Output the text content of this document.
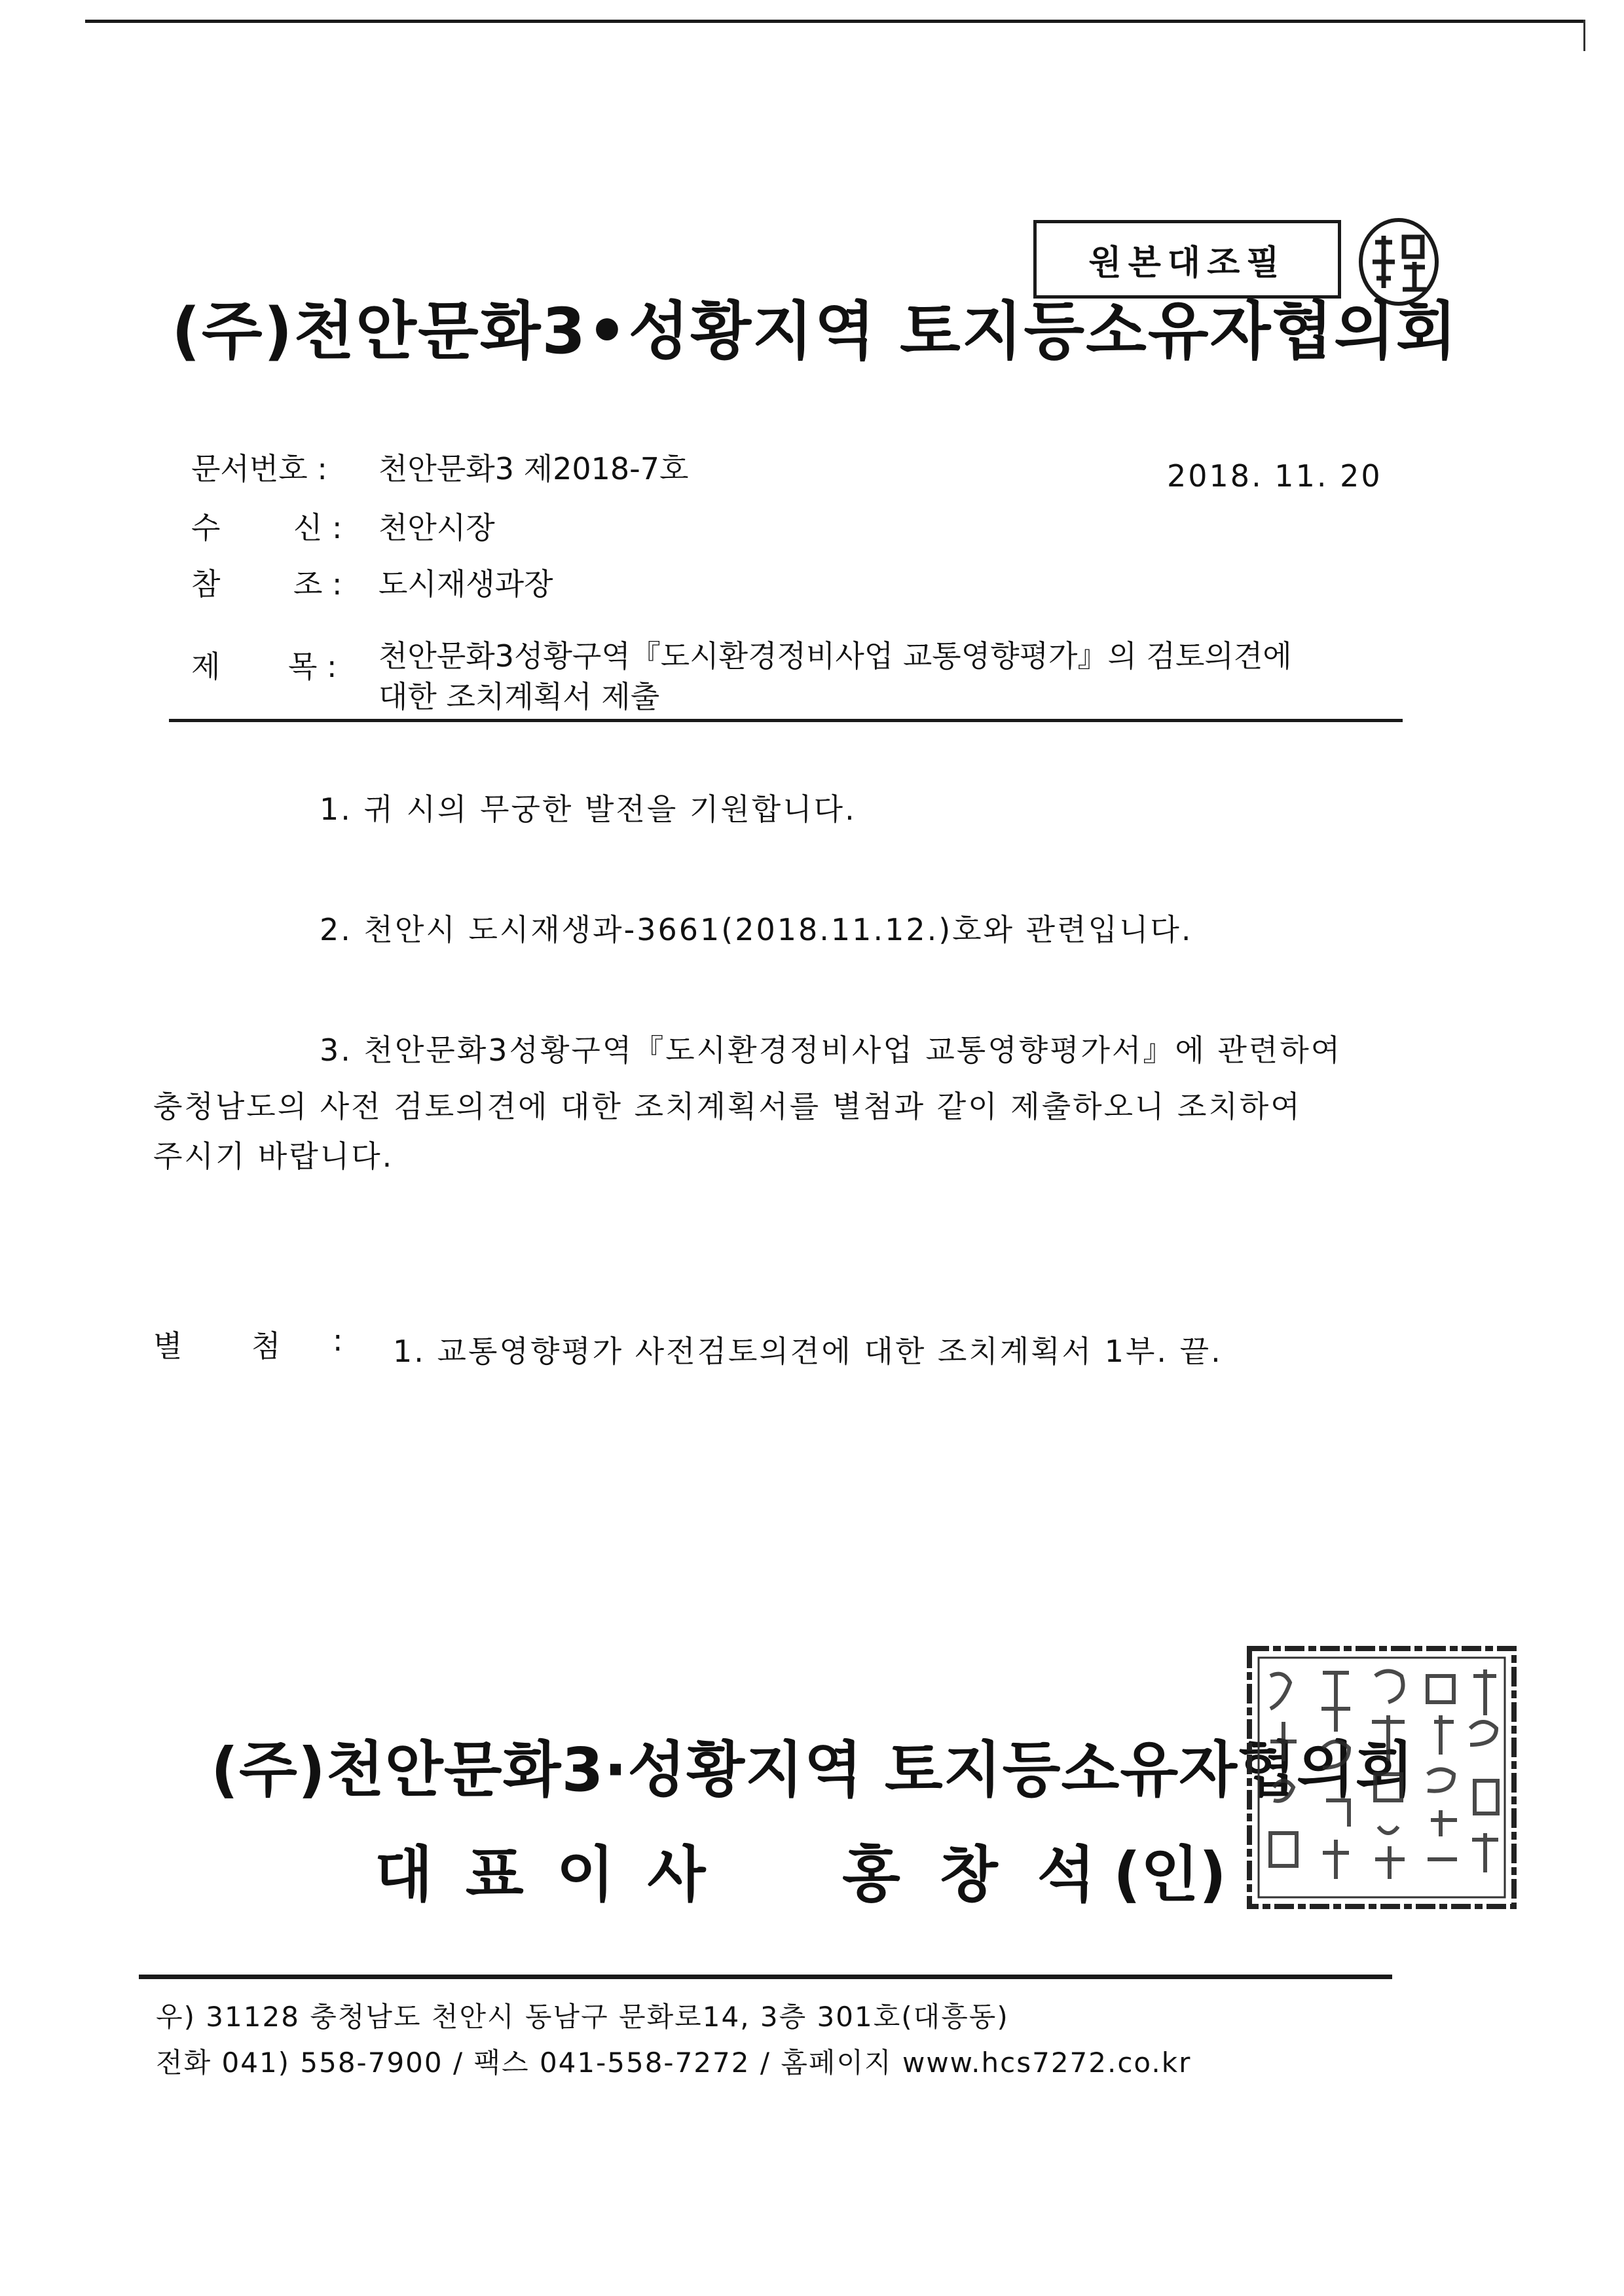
원본대조필
(주)천안문화3•성황지역 토지등소유자협의회
문서번호 : 천안문화3 제2018-7호	2018. 11. 20
수 신 : 천안시장
참 조 : 도시재생과장
제 목 : 천안문화3성황구역『도시환경정비사업 교통영향평가』의 검토의견에
대한 조치계획서 제출
1. 귀 시의 무궁한 발전을 기원합니다.
2. 천안시 도시재생과-3661(2018.11.12.)호와 관련입니다.
3. 천안문화3성황구역『도시환경정비사업 교통영향평가서』에 관련하여
충청남도의 사전 검토의견에 대한 조치계획서를 별첨과 같이 제출하오니 조치하여
주시기 바랍니다.
별 첨 : 1. 교통영향평가 사전검토의견에 대한 조치계획서 1부. 끝.
(주)천안문화3·성황지역 토지등소유자협의회
대표이사 홍창석
(인)
우) 31128 충청남도 천안시 동남구 문화로14, 3층 301호(대흥동)
전화 041) 558-7900 / 팩스 041-558-7272 / 홈페이지 www.hcs7272.co.kr
